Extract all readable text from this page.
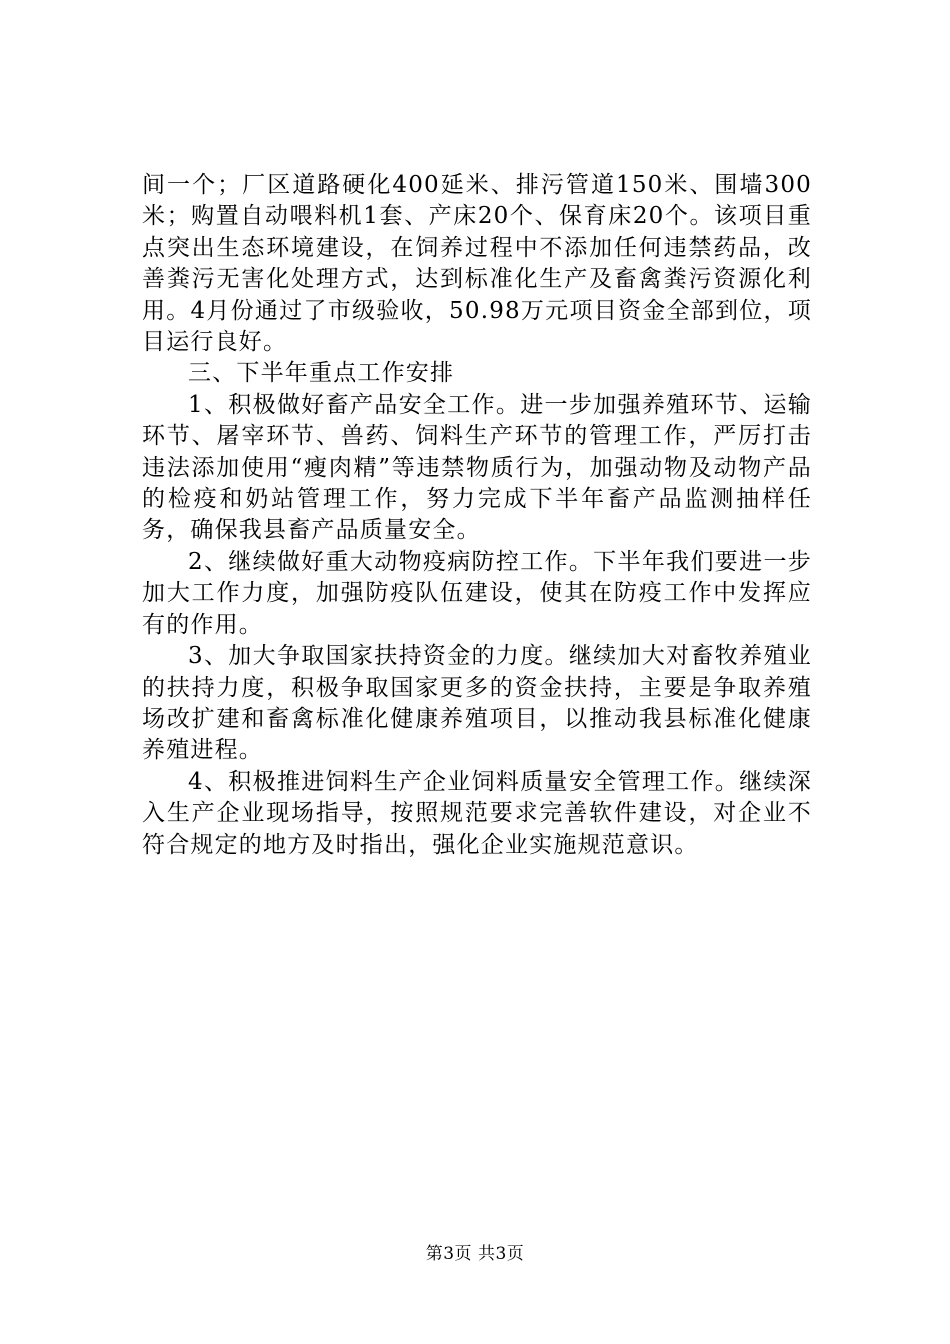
间一个；厂区道路硬化400延米、排污管道150米、围墙300米；购置自动喂料机1套、产床20个、保育床20个。该项目重点突出生态环境建设，在饲养过程中不添加任何违禁药品，改善粪污无害化处理方式，达到标准化生产及畜禽粪污资源化利用。4月份通过了市级验收，50.98万元项目资金全部到位，项目运行良好。

三、下半年重点工作安排

1、积极做好畜产品安全工作。进一步加强养殖环节、运输环节、屠宰环节、兽药、饲料生产环节的管理工作，严厉打击违法添加使用“瘦肉精”等违禁物质行为，加强动物及动物产品的检疫和奶站管理工作，努力完成下半年畜产品监测抽样任务，确保我县畜产品质量安全。

2、继续做好重大动物疫病防控工作。下半年我们要进一步加大工作力度，加强防疫队伍建设，使其在防疫工作中发挥应有的作用。

3、加大争取国家扶持资金的力度。继续加大对畜牧养殖业的扶持力度，积极争取国家更多的资金扶持，主要是争取养殖场改扩建和畜禽标准化健康养殖项目，以推动我县标准化健康养殖进程。

4、积极推进饲料生产企业饲料质量安全管理工作。继续深入生产企业现场指导，按照规范要求完善软件建设，对企业不符合规定的地方及时指出，强化企业实施规范意识。

第3页 共3页
